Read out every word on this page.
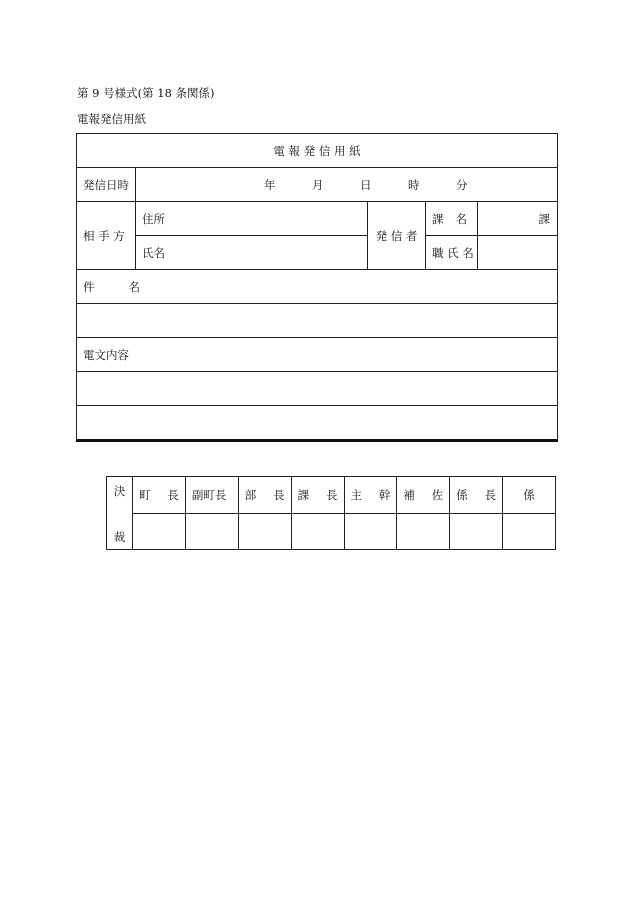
第 9 号様式(第 18 条関係)
電報発信用紙
電 報 発 信 用 紙				
発信日時	年 月 日 時 分			

相 手 方	住所	発 信 者	課 名	課
	氏名		職 氏 名	
件 名				

電文内容				

決
裁	町 長	副町長	部 長	課 長	主 幹	補 佐	係 長	係
